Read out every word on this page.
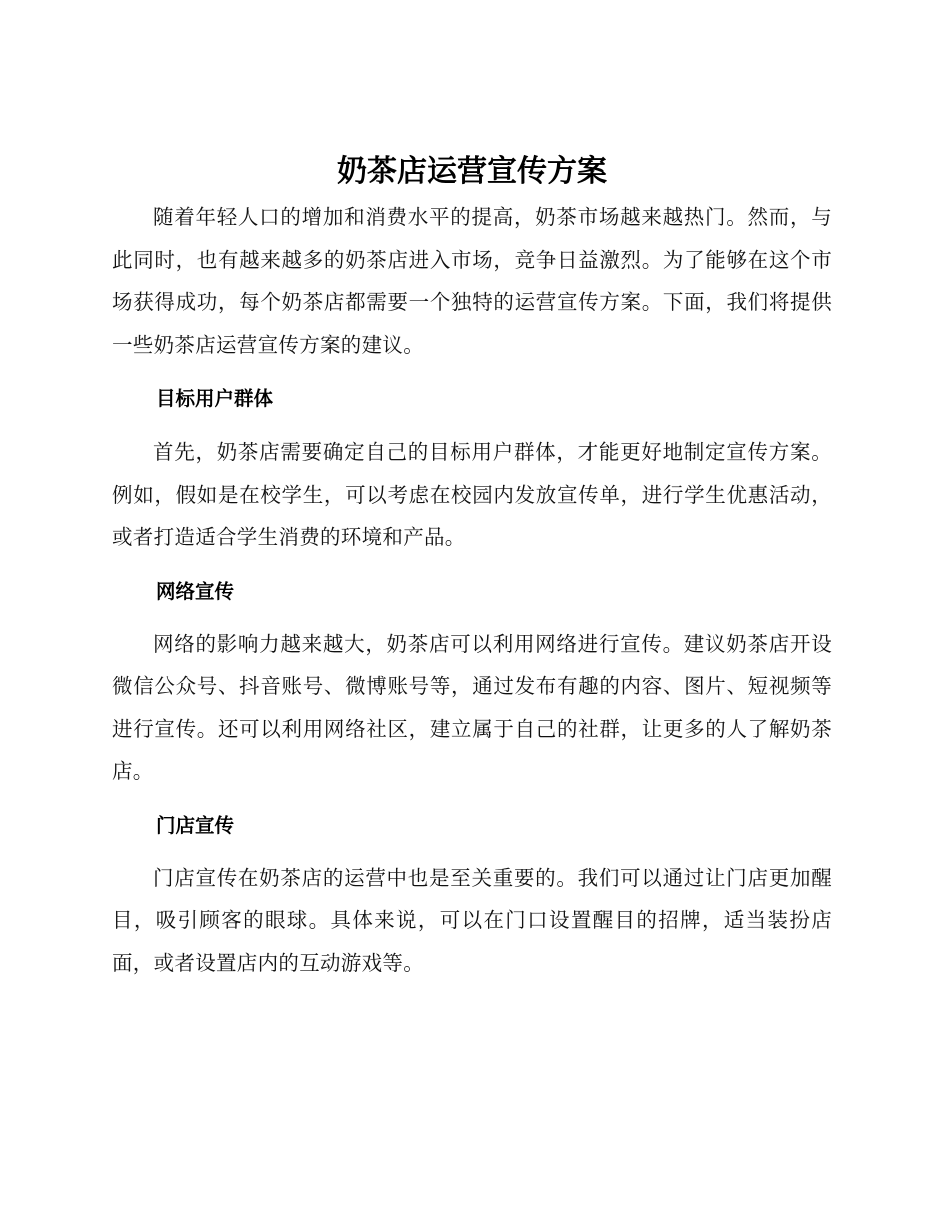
奶茶店运营宣传方案

随着年轻人口的增加和消费水平的提高，奶茶市场越来越热门。然而，与此同时，也有越来越多的奶茶店进入市场，竞争日益激烈。为了能够在这个市场获得成功，每个奶茶店都需要一个独特的运营宣传方案。下面，我们将提供一些奶茶店运营宣传方案的建议。

目标用户群体

首先，奶茶店需要确定自己的目标用户群体，才能更好地制定宣传方案。例如，假如是在校学生，可以考虑在校园内发放宣传单，进行学生优惠活动，或者打造适合学生消费的环境和产品。

网络宣传

网络的影响力越来越大，奶茶店可以利用网络进行宣传。建议奶茶店开设微信公众号、抖音账号、微博账号等，通过发布有趣的内容、图片、短视频等进行宣传。还可以利用网络社区，建立属于自己的社群，让更多的人了解奶茶店。

门店宣传

门店宣传在奶茶店的运营中也是至关重要的。我们可以通过让门店更加醒目，吸引顾客的眼球。具体来说，可以在门口设置醒目的招牌，适当装扮店面，或者设置店内的互动游戏等。
